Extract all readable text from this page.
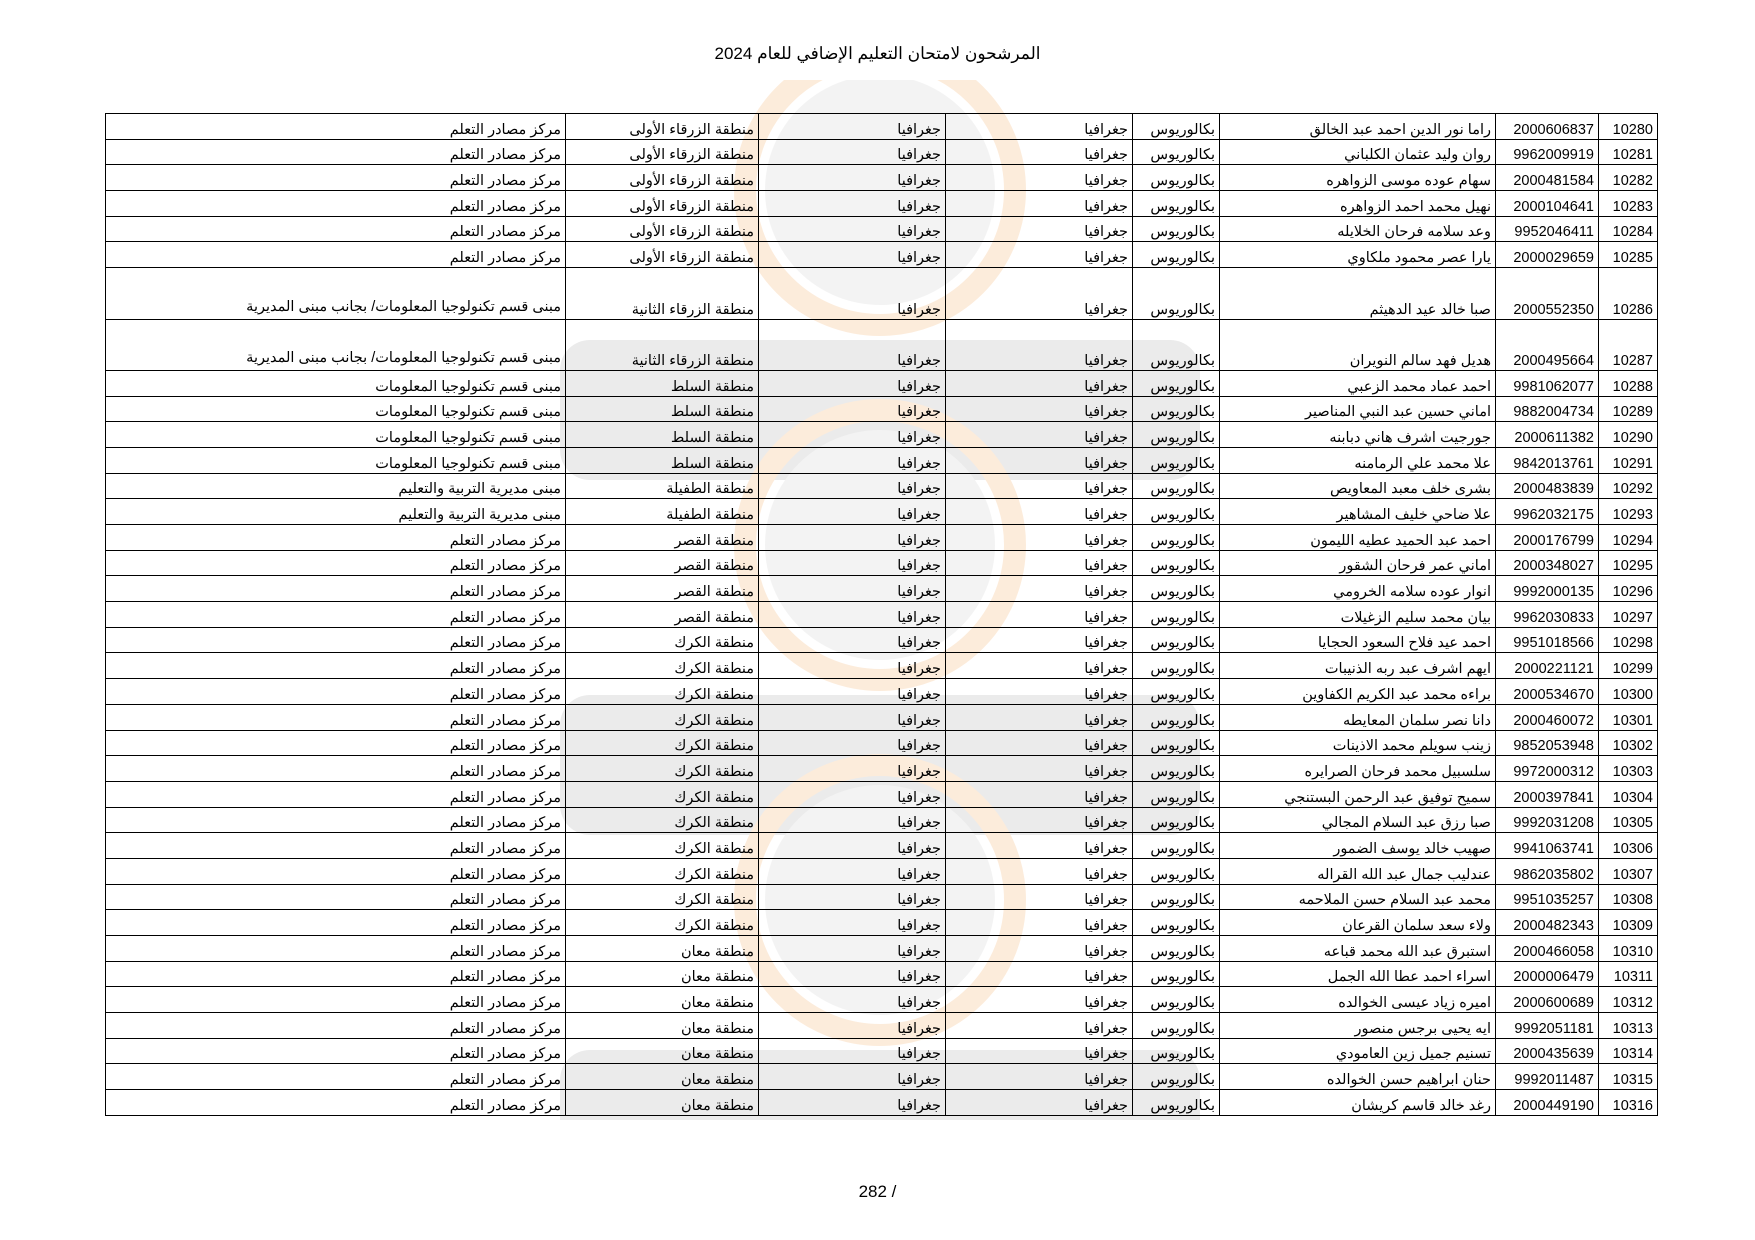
المرشحون لامتحان التعليم الإضافي للعام 2024
10280	2000606837	راما نور الدين احمد عبد الخالق	بكالوريوس	جغرافيا	جغرافيا	منطقة الزرقاء الأولى	مركز مصادر التعلم
10281	9962009919	روان وليد عثمان الكلباني	بكالوريوس	جغرافيا	جغرافيا	منطقة الزرقاء الأولى	مركز مصادر التعلم
10282	2000481584	سهام عوده موسى الزواهره	بكالوريوس	جغرافيا	جغرافيا	منطقة الزرقاء الأولى	مركز مصادر التعلم
10283	2000104641	نهيل محمد احمد الزواهره	بكالوريوس	جغرافيا	جغرافيا	منطقة الزرقاء الأولى	مركز مصادر التعلم
10284	9952046411	وعد سلامه فرحان الخلايله	بكالوريوس	جغرافيا	جغرافيا	منطقة الزرقاء الأولى	مركز مصادر التعلم
10285	2000029659	يارا عصر محمود ملكاوي	بكالوريوس	جغرافيا	جغرافيا	منطقة الزرقاء الأولى	مركز مصادر التعلم
10286	2000552350	صبا خالد عيد الدهيثم	بكالوريوس	جغرافيا	جغرافيا	منطقة الزرقاء الثانية	مبنى قسم تكنولوجيا المعلومات/ بجانب مبنى المديرية
10287	2000495664	هديل فهد سالم النويران	بكالوريوس	جغرافيا	جغرافيا	منطقة الزرقاء الثانية	مبنى قسم تكنولوجيا المعلومات/ بجانب مبنى المديرية
10288	9981062077	احمد عماد محمد الزعبي	بكالوريوس	جغرافيا	جغرافيا	منطقة السلط	مبنى قسم تكنولوجيا المعلومات
10289	9882004734	اماني حسين عبد النبي المناصير	بكالوريوس	جغرافيا	جغرافيا	منطقة السلط	مبنى قسم تكنولوجيا المعلومات
10290	2000611382	جورجيت اشرف هاني دبابنه	بكالوريوس	جغرافيا	جغرافيا	منطقة السلط	مبنى قسم تكنولوجيا المعلومات
10291	9842013761	علا محمد علي الرمامنه	بكالوريوس	جغرافيا	جغرافيا	منطقة السلط	مبنى قسم تكنولوجيا المعلومات
10292	2000483839	بشرى خلف معبد المعاويص	بكالوريوس	جغرافيا	جغرافيا	منطقة الطفيلة	مبنى مديرية التربية والتعليم
10293	9962032175	علا ضاحي خليف المشاهير	بكالوريوس	جغرافيا	جغرافيا	منطقة الطفيلة	مبنى مديرية التربية والتعليم
10294	2000176799	احمد عبد الحميد عطيه الليمون	بكالوريوس	جغرافيا	جغرافيا	منطقة القصر	مركز مصادر التعلم
10295	2000348027	اماني عمر فرحان الشقور	بكالوريوس	جغرافيا	جغرافيا	منطقة القصر	مركز مصادر التعلم
10296	9992000135	انوار عوده سلامه الخرومي	بكالوريوس	جغرافيا	جغرافيا	منطقة القصر	مركز مصادر التعلم
10297	9962030833	بيان محمد سليم الزغيلات	بكالوريوس	جغرافيا	جغرافيا	منطقة القصر	مركز مصادر التعلم
10298	9951018566	احمد عيد فلاح السعود الحجايا	بكالوريوس	جغرافيا	جغرافيا	منطقة الكرك	مركز مصادر التعلم
10299	2000221121	ايهم اشرف عبد ربه الذنيبات	بكالوريوس	جغرافيا	جغرافيا	منطقة الكرك	مركز مصادر التعلم
10300	2000534670	براءه محمد عبد الكريم الكفاوين	بكالوريوس	جغرافيا	جغرافيا	منطقة الكرك	مركز مصادر التعلم
10301	2000460072	دانا نصر سلمان المعايطه	بكالوريوس	جغرافيا	جغرافيا	منطقة الكرك	مركز مصادر التعلم
10302	9852053948	زينب سويلم محمد الاذينات	بكالوريوس	جغرافيا	جغرافيا	منطقة الكرك	مركز مصادر التعلم
10303	9972000312	سلسبيل محمد فرحان الصرايره	بكالوريوس	جغرافيا	جغرافيا	منطقة الكرك	مركز مصادر التعلم
10304	2000397841	سميح توفيق عبد الرحمن البستنجي	بكالوريوس	جغرافيا	جغرافيا	منطقة الكرك	مركز مصادر التعلم
10305	9992031208	صبا رزق عبد السلام المجالي	بكالوريوس	جغرافيا	جغرافيا	منطقة الكرك	مركز مصادر التعلم
10306	9941063741	صهيب خالد يوسف الضمور	بكالوريوس	جغرافيا	جغرافيا	منطقة الكرك	مركز مصادر التعلم
10307	9862035802	عندليب جمال عبد الله القراله	بكالوريوس	جغرافيا	جغرافيا	منطقة الكرك	مركز مصادر التعلم
10308	9951035257	محمد عبد السلام حسن الملاحمه	بكالوريوس	جغرافيا	جغرافيا	منطقة الكرك	مركز مصادر التعلم
10309	2000482343	ولاء سعد سلمان القرعان	بكالوريوس	جغرافيا	جغرافيا	منطقة الكرك	مركز مصادر التعلم
10310	2000466058	استبرق عبد الله محمد قباعه	بكالوريوس	جغرافيا	جغرافيا	منطقة معان	مركز مصادر التعلم
10311	2000006479	اسراء احمد عطا الله الجمل	بكالوريوس	جغرافيا	جغرافيا	منطقة معان	مركز مصادر التعلم
10312	2000600689	اميره زياد عيسى الخوالده	بكالوريوس	جغرافيا	جغرافيا	منطقة معان	مركز مصادر التعلم
10313	9992051181	ايه يحيى برجس منصور	بكالوريوس	جغرافيا	جغرافيا	منطقة معان	مركز مصادر التعلم
10314	2000435639	تسنيم جميل زين العامودي	بكالوريوس	جغرافيا	جغرافيا	منطقة معان	مركز مصادر التعلم
10315	9992011487	حنان ابراهيم حسن الخوالده	بكالوريوس	جغرافيا	جغرافيا	منطقة معان	مركز مصادر التعلم
10316	2000449190	رغد خالد قاسم كريشان	بكالوريوس	جغرافيا	جغرافيا	منطقة معان	مركز مصادر التعلم
282 /
